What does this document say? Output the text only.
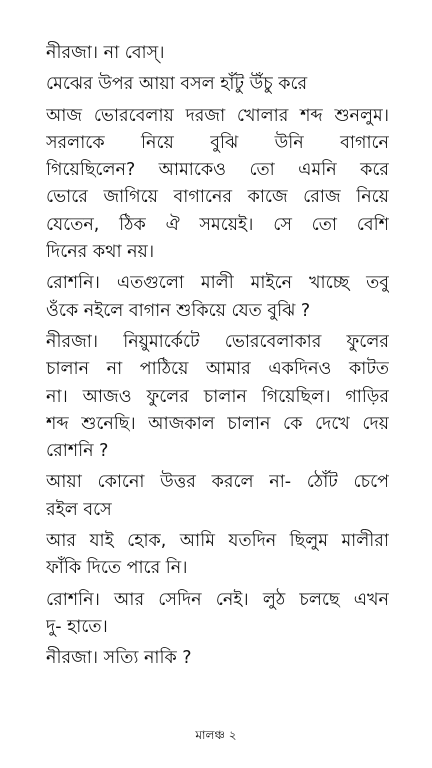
নীরজা। না বোস্।
মেঝের উপর আয়া বসল হাঁটু উঁচু করে
আজ ভোরবেলায় দরজা খোলার শব্দ শুনলুম।
সরলাকে নিয়ে বুঝি উনি বাগানে
গিয়েছিলেন? আমাকেও তো এমনি করে
ভোরে জাগিয়ে বাগানের কাজে রোজ নিয়ে
যেতেন, ঠিক ঐ সময়েই। সে তো বেশি
দিনের কথা নয়।
রোশনি। এতগুলো মালী মাইনে খাচ্ছে তবু
ওঁকে নইলে বাগান শুকিয়ে যেত বুঝি ?
নীরজা। নিয়ুমার্কেটে ভোরবেলাকার ফুলের
চালান না পাঠিয়ে আমার একদিনও কাটত
না। আজও ফুলের চালান গিয়েছিল। গাড়ির
শব্দ শুনেছি। আজকাল চালান কে দেখে দেয়
রোশনি ?
আয়া কোনো উত্তর করলে না- ঠোঁট চেপে
রইল বসে
আর যাই হোক, আমি যতদিন ছিলুম মালীরা
ফাঁকি দিতে পারে নি।
রোশনি। আর সেদিন নেই। লুঠ চলছে এখন
দু- হাতে।
নীরজা। সত্যি নাকি ?
মালঞ্চ ২
